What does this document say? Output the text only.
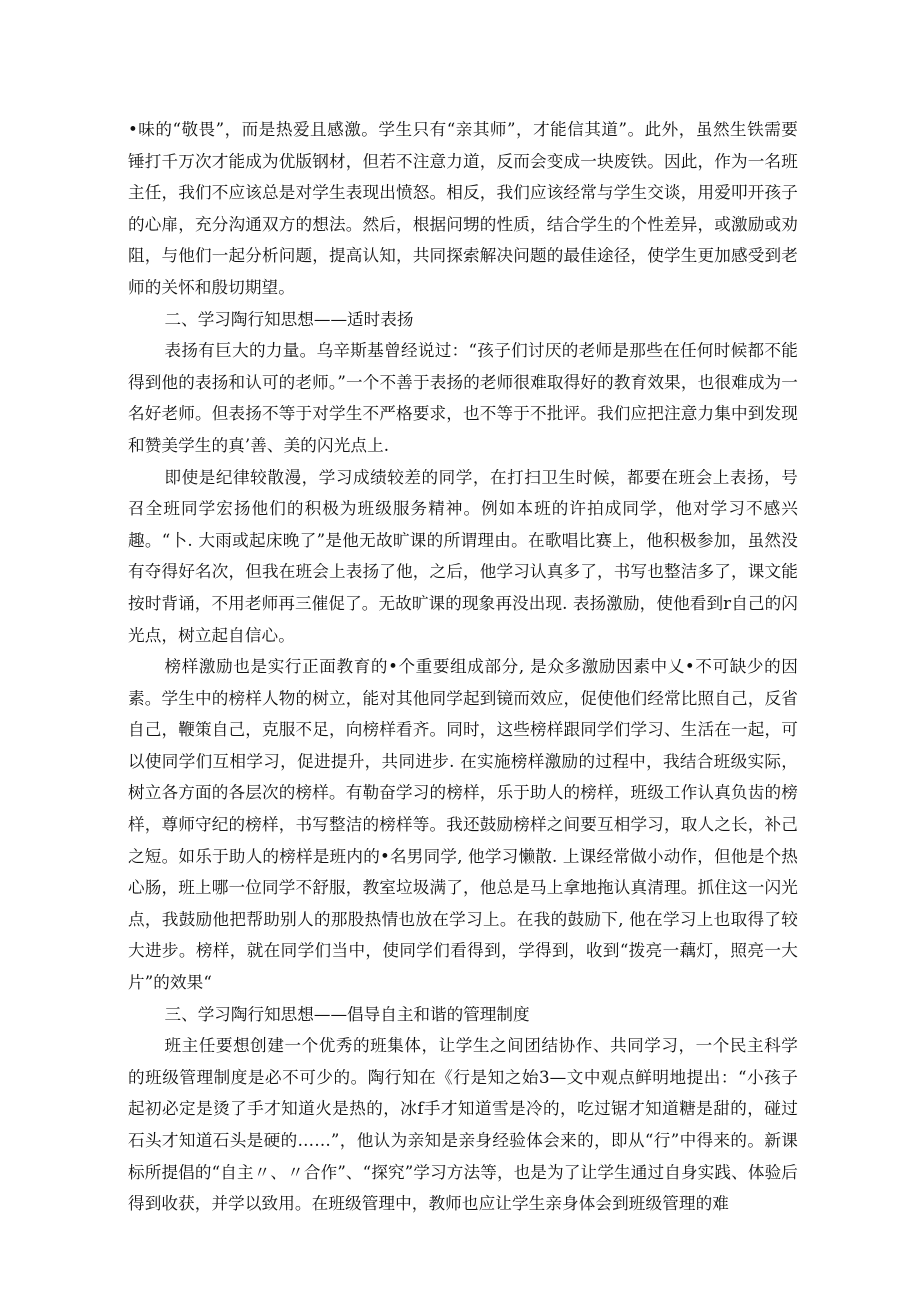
•味的“敬畏”，而是热爱且感激。学生只有“亲其师”，才能信其道”。此外，虽然生铁需要锤打千万次才能成为优版钢材，但若不注意力道，反而会变成一块废铁。因此，作为一名班主任，我们不应该总是对学生表现出愤怒。相反，我们应该经常与学生交谈，用爱叩开孩子的心扉，充分沟通双方的想法。然后，根据问甥的性质，结合学生的个性差异，或激励或劝阻，与他们一起分析问题，提高认知，共同探索解决问题的最佳途径，使学生更加感受到老师的关怀和殷切期望。

二、学习陶行知思想——适时表扬

表扬有巨大的力量。乌辛斯基曾经说过：“孩子们讨厌的老师是那些在任何时候都不能得到他的表扬和认可的老师。”一个不善于表扬的老师很难取得好的教育效果，也很难成为一名好老师。但表扬不等于对学生不严格要求，也不等于不批评。我们应把注意力集中到发现和赞美学生的真’善、美的闪光点上.

即使是纪律较散漫，学习成绩较差的同学，在打扫卫生时候，都要在班会上表扬，号召全班同学宏扬他们的积极为班级服务精神。例如本班的许拍成同学，他对学习不感兴趣。“卜. 大雨或起床晚了”是他无故旷课的所谓理由。在歌唱比赛上，他积极参加，虽然没有夺得好名次，但我在班会上表扬了他，之后，他学习认真多了，书写也整洁多了，课文能按时背诵，不用老师再三催促了。无故旷课的现象再没出现. 表扬激励，使他看到r自己的闪光点，树立起自信心。

榜样激励也是实行正面教育的•个重要组成部分, 是众多激励因素中乂•不可缺少的因素。学生中的榜样人物的树立，能对其他同学起到镜而效应，促使他们经常比照自己，反省自己，鞭策自己，克服不足，向榜样看齐。同时，这些榜样跟同学们学习、生活在一起，可以使同学们互相学习，促进提升，共同进步. 在实施榜样激励的过程中，我结合班级实际，树立各方面的各层次的榜样。有勒奋学习的榜样，乐于助人的榜样，班级工作认真负齿的榜样，尊师守纪的榜样，书写整洁的榜样等。我还鼓励榜样之间要互相学习，取人之长，补己之短。如乐于助人的榜样是班内的•名男同学, 他学习懒散. 上课经常做小动作，但他是个热心肠，班上哪一位同学不舒服，教室垃圾满了，他总是马上拿地拖认真清理。抓住这一闪光点，我鼓励他把帮助别人的那股热情也放在学习上。在我的鼓励下, 他在学习上也取得了较大进步。榜样，就在同学们当中，使同学们看得到，学得到，收到“拨亮一藕灯，照亮一大片”的效果“

三、学习陶行知思想——倡导自主和谐的管理制度

班主任要想创建一个优秀的班集体，让学生之间团结协作、共同学习，一个民主科学的班级管理制度是必不可少的。陶行知在《行是知之始3—文中观点鲜明地提出：“小孩子起初必定是烫了手才知道火是热的，冰f手才知道雪是冷的，吃过锯才知道糖是甜的，碰过石头才知道石头是硬的……”，他认为亲知是亲身经验体会来的，即从“行”中得来的。新课标所提倡的“自主〃、〃合作”、“探究”学习方法等，也是为了让学生通过自身实践、体验后得到收获，并学以致用。在班级管理中，教师也应让学生亲身体会到班级管理的难
